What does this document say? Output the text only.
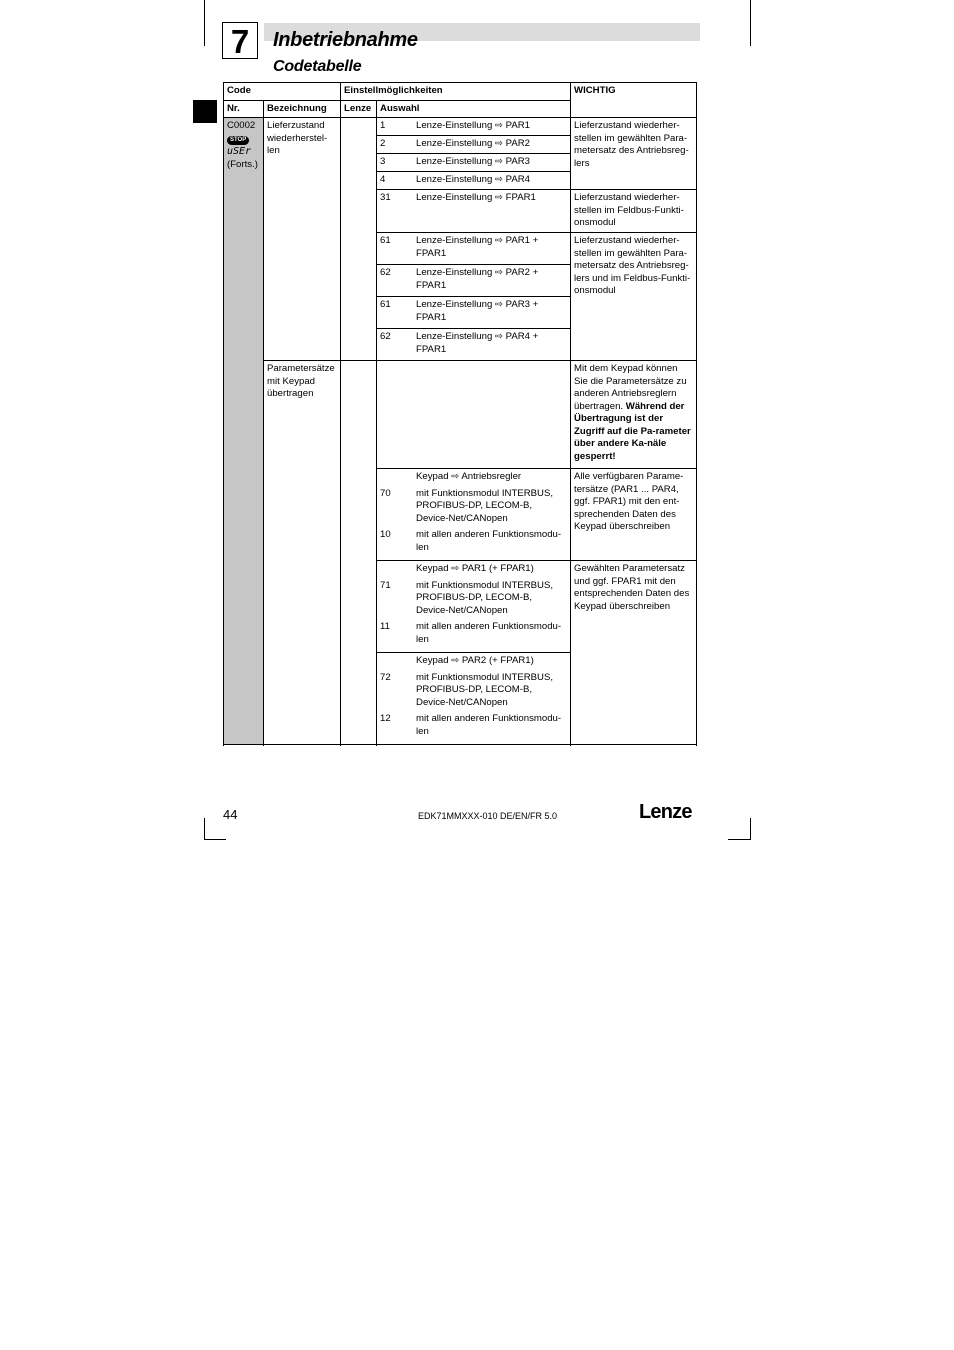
7	Inbetriebnahme
Codetabelle
Code		Einstellmöglichkeiten		WICHTIG
Nr.	Bezeichnung	Lenze	Auswahl	
C0002
STOP
uSEr
(Forts.)	Lieferzustand wiederherstel-len		1 Lenze-Einstellung ⇨ PAR1	Lieferzustand wiederher-stellen im gewählten Para-metersatz des Antriebsreg-lers

			2 Lenze-Einstellung ⇨ PAR2	

			3 Lenze-Einstellung ⇨ PAR3	

			4 Lenze-Einstellung ⇨ PAR4	

			31 Lenze-Einstellung ⇨ FPAR1	Lieferzustand wiederher-stellen im Feldbus-Funkti-onsmodul

			61 Lenze-Einstellung ⇨ PAR1 + FPAR1	Lieferzustand wiederher-stellen im gewählten Para-metersatz des Antriebsreg-lers und im Feldbus-Funkti-onsmodul

			62 Lenze-Einstellung ⇨ PAR2 + FPAR1	

			61 Lenze-Einstellung ⇨ PAR3 + FPAR1	

			62 Lenze-Einstellung ⇨ PAR4 + FPAR1	

	Parametersätze mit Keypad übertragen			Mit dem Keypad können Sie die Parametersätze zu anderen Antriebsreglern übertragen. Während der Übertragung ist der Zugriff auf die Pa-rameter über andere Ka-näle gesperrt!

			Keypad ⇨ Antriebsregler
70 mit Funktionsmodul INTERBUS, PROFIBUS-DP, LECOM-B, Device-Net/CANopen
10 mit allen anderen Funktionsmodu-len	Alle verfügbaren Parame-tersätze (PAR1 ... PAR4, ggf. FPAR1) mit den ent-sprechenden Daten des Keypad überschreiben

			Keypad ⇨ PAR1 (+ FPAR1)
71 mit Funktionsmodul INTERBUS, PROFIBUS-DP, LECOM-B, Device-Net/CANopen
11 mit allen anderen Funktionsmodu-len	Gewählten Parametersatz und ggf. FPAR1 mit den entsprechenden Daten des Keypad überschreiben

			Keypad ⇨ PAR2 (+ FPAR1)
72 mit Funktionsmodul INTERBUS, PROFIBUS-DP, LECOM-B, Device-Net/CANopen
12 mit allen anderen Funktionsmodu-len	

44	EDK71MMXXX-010 DE/EN/FR 5.0	Lenze
